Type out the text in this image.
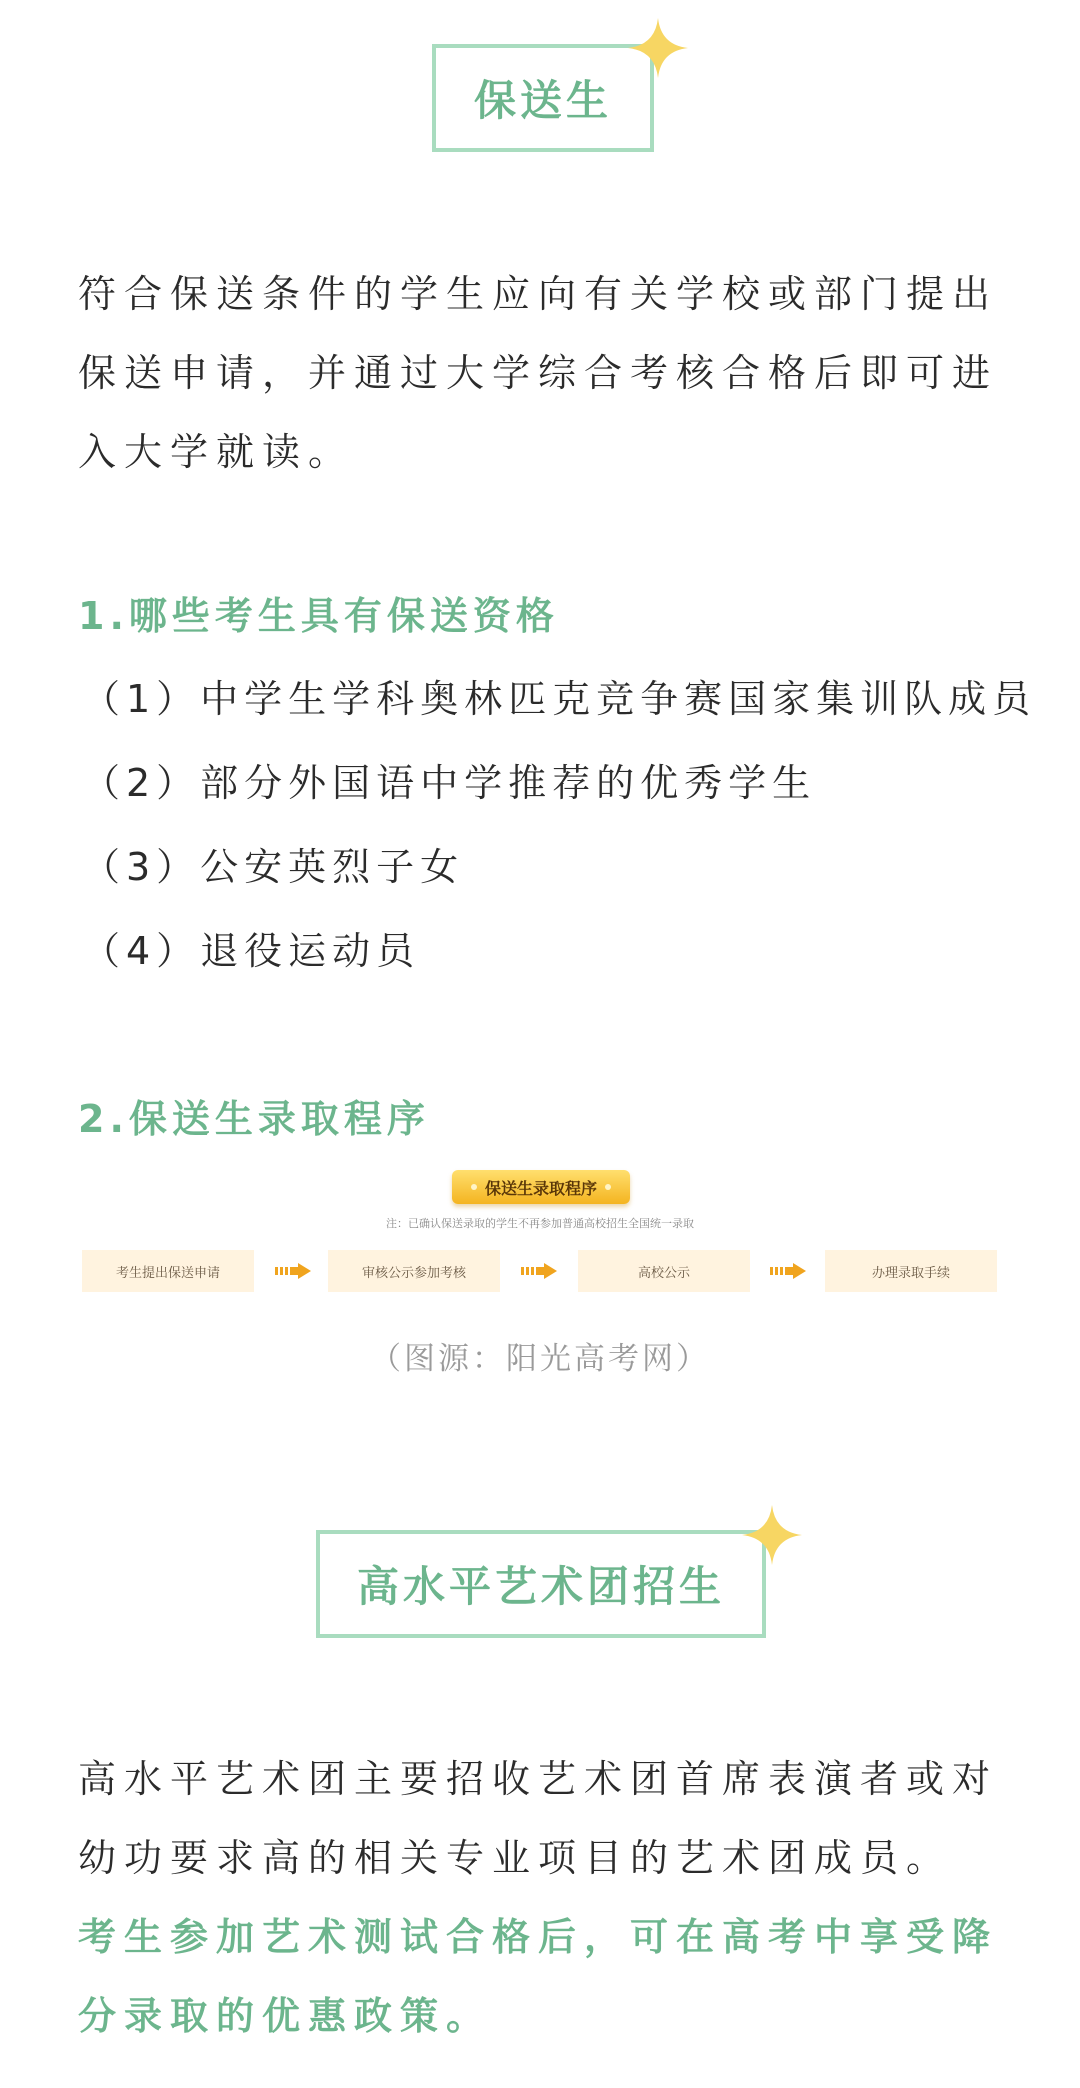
保送生
符合保送条件的学生应向有关学校或部门提出保送申请，并通过大学综合考核合格后即可进入大学就读。
1.哪些考生具有保送资格
（1）中学生学科奥林匹克竞争赛国家集训队成员
（2）部分外国语中学推荐的优秀学生
（3）公安英烈子女
（4）退役运动员
2.保送生录取程序
保送生录取程序
注：已确认保送录取的学生不再参加普通高校招生全国统一录取
考生提出保送申请	审核公示参加考核	高校公示	办理录取手续
（图源：阳光高考网）
高水平艺术团招生
高水平艺术团主要招收艺术团首席表演者或对幼功要求高的相关专业项目的艺术团成员。考生参加艺术测试合格后，可在高考中享受降分录取的优惠政策。
